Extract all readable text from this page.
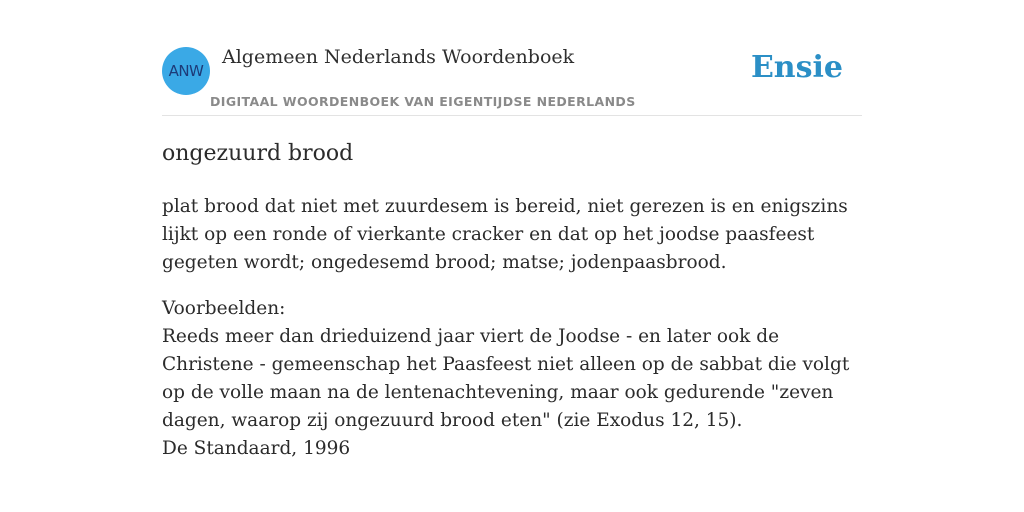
ANW
Algemeen Nederlands Woordenboek
DIGITAAL WOORDENBOEK VAN EIGENTIJDSE NEDERLANDS
Ensie
ongezuurd brood

plat brood dat niet met zuurdesem is bereid, niet gerezen is en enigszins lijkt op een ronde of vierkante cracker en dat op het joodse paasfeest gegeten wordt; ongedesemd brood; matse; jodenpaasbrood.

Voorbeelden:
Reeds meer dan drieduizend jaar viert de Joodse - en later ook de Christene - gemeenschap het Paasfeest niet alleen op de sabbat die volgt op de volle maan na de lentenachtevening, maar ook gedurende "zeven dagen, waarop zij ongezuurd brood eten" (zie Exodus 12, 15).
De Standaard, 1996
